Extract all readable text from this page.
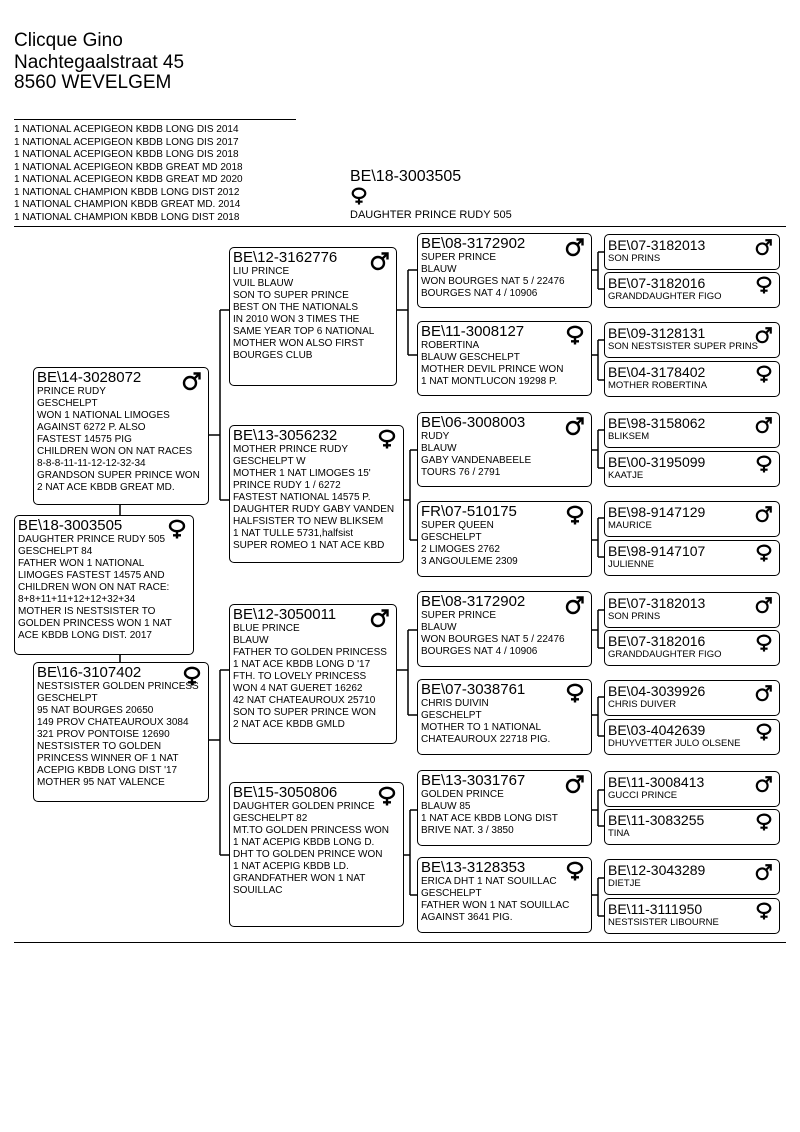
Clicque Gino
Nachtegaalstraat 45
8560 WEVELGEM
1 NATIONAL ACEPIGEON KBDB LONG DIS 2014
1 NATIONAL ACEPIGEON KBDB LONG DIS 2017
1 NATIONAL ACEPIGEON KBDB LONG DIS 2018
1 NATIONAL ACEPIGEON KBDB GREAT MD 2018
1 NATIONAL ACEPIGEON KBDB GREAT MD 2020
1 NATIONAL CHAMPION KBDB LONG DIST 2012
1 NATIONAL CHAMPION KBDB GREAT MD. 2014
1 NATIONAL CHAMPION KBDB LONG DIST 2018
BE\18-3003505
DAUGHTER PRINCE RUDY 505
BE\18-3003505
DAUGHTER PRINCE RUDY 505
GESCHELPT 84
FATHER WON 1 NATIONAL
LIMOGES FASTEST 14575 AND
CHILDREN WON ON NAT RACE:
8+8+11+11+12+12+32+34
MOTHER IS NESTSISTER TO
GOLDEN PRINCESS WON 1 NAT
ACE KBDB LONG DIST. 2017
BE\14-3028072
PRINCE RUDY
GESCHELPT
WON 1 NATIONAL LIMOGES
AGAINST 6272 P. ALSO
FASTEST 14575 PIG
CHILDREN WON ON NAT RACES
8-8-8-11-11-12-12-32-34
GRANDSON SUPER PRINCE WON
2 NAT ACE KBDB GREAT MD.
BE\16-3107402
NESTSISTER GOLDEN PRINCESS
GESCHELPT
95 NAT BOURGES 20650
149 PROV CHATEAUROUX 3084
321 PROV PONTOISE 12690
NESTSISTER TO GOLDEN
PRINCESS WINNER OF 1 NAT
ACEPIG KBDB LONG DIST '17
MOTHER 95 NAT VALENCE
BE\12-3162776
LIU PRINCE
VUIL BLAUW
SON TO SUPER PRINCE
BEST ON THE NATIONALS
IN 2010 WON 3 TIMES THE
SAME YEAR TOP 6 NATIONAL
MOTHER WON ALSO FIRST
BOURGES CLUB
BE\13-3056232
MOTHER PRINCE RUDY
GESCHELPT W
MOTHER 1 NAT LIMOGES 15'
PRINCE RUDY 1 / 6272
FASTEST NATIONAL 14575 P.
DAUGHTER RUDY GABY VANDEN
HALFSISTER TO NEW BLIKSEM
1 NAT TULLE 5731,halfsist
SUPER ROMEO 1 NAT ACE KBD
BE\12-3050011
BLUE PRINCE
BLAUW
FATHER TO GOLDEN PRINCESS
1 NAT ACE KBDB LONG D '17
FTH. TO LOVELY PRINCESS
WON 4 NAT GUERET 16262
42 NAT CHATEAUROUX 25710
SON TO SUPER PRINCE WON
2 NAT ACE KBDB GMLD
BE\15-3050806
DAUGHTER GOLDEN PRINCE
GESCHELPT 82
MT.TO GOLDEN PRINCESS WON
1 NAT ACEPIG KBDB LONG D.
DHT TO GOLDEN PRINCE WON
1 NAT ACEPIG KBDB LD.
GRANDFATHER WON 1 NAT
SOUILLAC
BE\08-3172902
SUPER PRINCE
BLAUW
WON BOURGES NAT 5 / 22476
BOURGES NAT 4 / 10906
BE\11-3008127
ROBERTINA
BLAUW GESCHELPT
MOTHER DEVIL PRINCE WON
1 NAT MONTLUCON 19298 P.
BE\06-3008003
RUDY
BLAUW
GABY VANDENABEELE
TOURS 76 / 2791
FR\07-510175
SUPER QUEEN
GESCHELPT
2 LIMOGES 2762
3 ANGOULEME 2309
BE\08-3172902
SUPER PRINCE
BLAUW
WON BOURGES NAT 5 / 22476
BOURGES NAT 4 / 10906
BE\07-3038761
CHRIS DUIVIN
GESCHELPT
MOTHER TO 1 NATIONAL
CHATEAUROUX 22718 PIG.
BE\13-3031767
GOLDEN PRINCE
BLAUW 85
1 NAT ACE KBDB LONG DIST
BRIVE NAT. 3 / 3850
BE\13-3128353
ERICA DHT 1 NAT SOUILLAC
GESCHELPT
FATHER WON 1 NAT SOUILLAC
AGAINST 3641 PIG.
BE\07-3182013
SON PRINS
BE\07-3182016
GRANDDAUGHTER FIGO
BE\09-3128131
SON NESTSISTER SUPER PRINS
BE\04-3178402
MOTHER ROBERTINA
BE\98-3158062
BLIKSEM
BE\00-3195099
KAATJE
BE\98-9147129
MAURICE
BE\98-9147107
JULIENNE
BE\07-3182013
SON PRINS
BE\07-3182016
GRANDDAUGHTER FIGO
BE\04-3039926
CHRIS DUIVER
BE\03-4042639
DHUYVETTER JULO OLSENE
BE\11-3008413
GUCCI PRINCE
BE\11-3083255
TINA
BE\12-3043289
DIETJE
BE\11-3111950
NESTSISTER LIBOURNE
